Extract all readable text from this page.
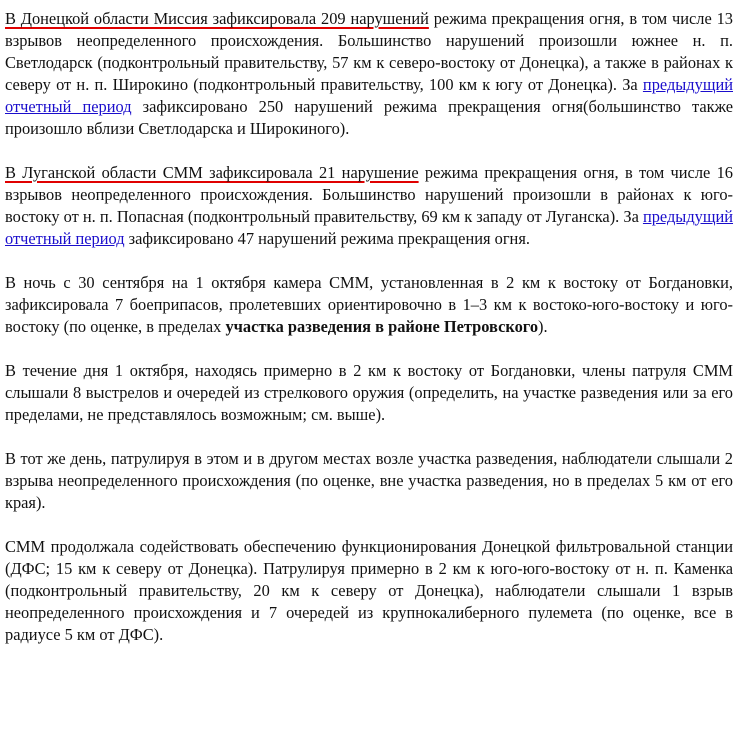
В Донецкой области Миссия зафиксировала 209 нарушений режима прекращения огня, в том числе 13 взрывов неопределенного происхождения. Большинство нарушений произошли южнее н. п. Светлодарск (подконтрольный правительству, 57 км к северо-востоку от Донецка), а также в районах к северу от н. п. Широкино (подконтрольный правительству, 100 км к югу от Донецка). За предыдущий отчетный период зафиксировано 250 нарушений режима прекращения огня(большинство также произошло вблизи Светлодарска и Широкиного).

В Луганской области СММ зафиксировала 21 нарушение режима прекращения огня, в том числе 16 взрывов неопределенного происхождения. Большинство нарушений произошли в районах к юго-востоку от н. п. Попасная (подконтрольный правительству, 69 км к западу от Луганска). За предыдущий отчетный период зафиксировано 47 нарушений режима прекращения огня.

В ночь с 30 сентября на 1 октября камера СММ, установленная в 2 км к востоку от Богдановки, зафиксировала 7 боеприпасов, пролетевших ориентировочно в 1–3 км к востоко-юго-востоку и юго-востоку (по оценке, в пределах участка разведения в районе Петровского).

В течение дня 1 октября, находясь примерно в 2 км к востоку от Богдановки, члены патруля СММ слышали 8 выстрелов и очередей из стрелкового оружия (определить, на участке разведения или за его пределами, не представлялось возможным; см. выше).

В тот же день, патрулируя в этом и в другом местах возле участка разведения, наблюдатели слышали 2 взрыва неопределенного происхождения (по оценке, вне участка разведения, но в пределах 5 км от его края).

СММ продолжала содействовать обеспечению функционирования Донецкой фильтровальной станции (ДФС; 15 км к северу от Донецка). Патрулируя примерно в 2 км к юго-юго-востоку от н. п. Каменка (подконтрольный правительству, 20 км к северу от Донецка), наблюдатели слышали 1 взрыв неопределенного происхождения и 7 очередей из крупнокалиберного пулемета (по оценке, все в радиусе 5 км от ДФС).
